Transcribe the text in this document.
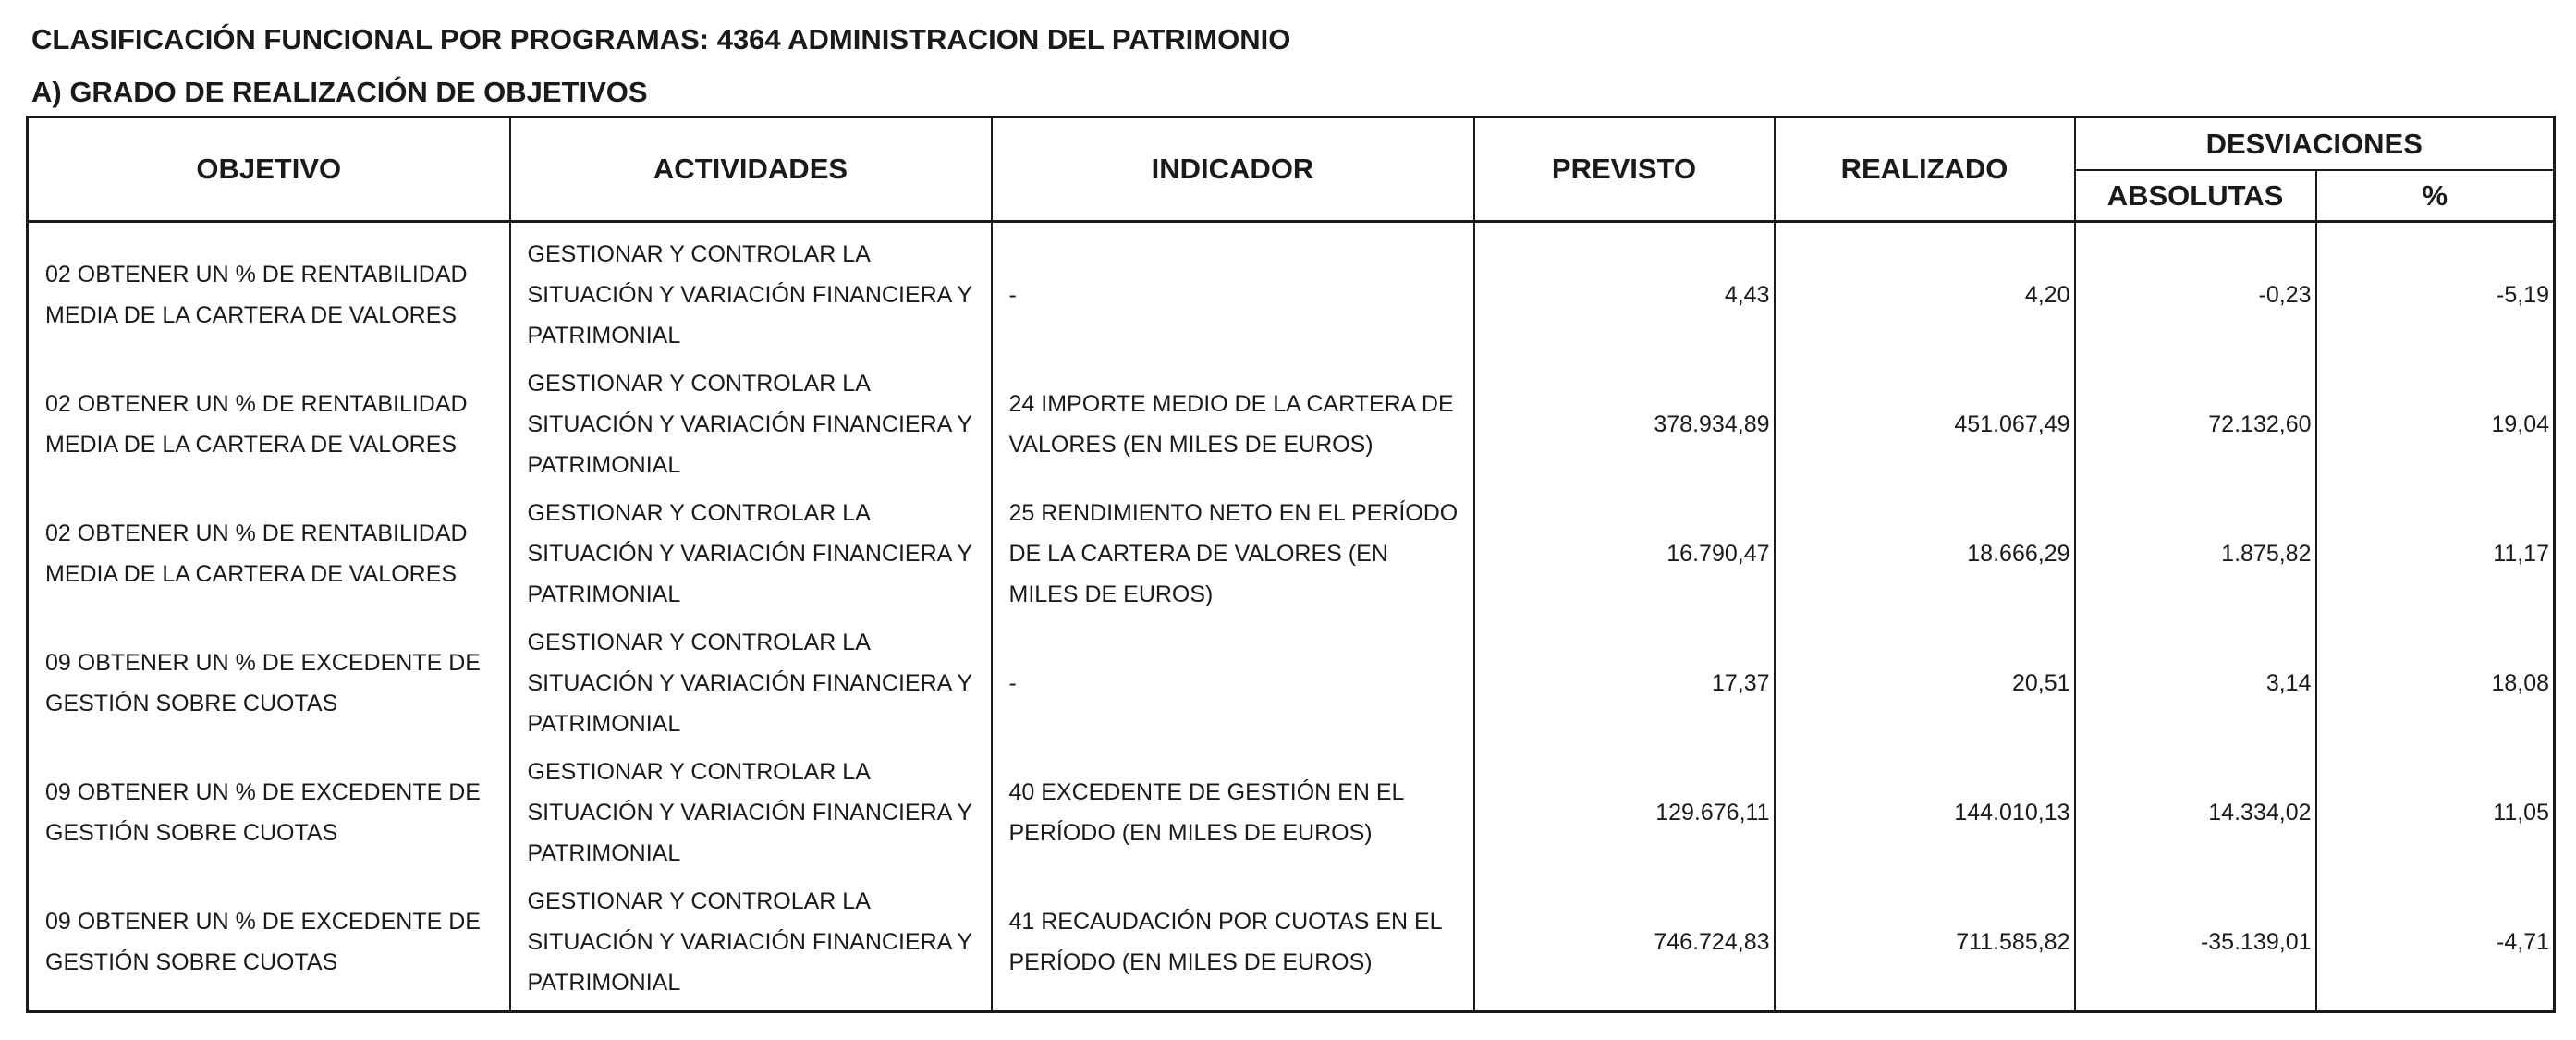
CLASIFICACIÓN FUNCIONAL POR PROGRAMAS: 4364 ADMINISTRACION DEL PATRIMONIO
A) GRADO DE REALIZACIÓN DE OBJETIVOS
OBJETIVO	ACTIVIDADES	INDICADOR	PREVISTO	REALIZADO	DESVIACIONES	
					ABSOLUTAS	%
02 OBTENER UN % DE RENTABILIDAD MEDIA DE LA CARTERA DE VALORES	GESTIONAR Y CONTROLAR LA SITUACIÓN Y VARIACIÓN FINANCIERA Y PATRIMONIAL	-	4,43	4,20	-0,23	-5,19
02 OBTENER UN % DE RENTABILIDAD MEDIA DE LA CARTERA DE VALORES	GESTIONAR Y CONTROLAR LA SITUACIÓN Y VARIACIÓN FINANCIERA Y PATRIMONIAL	24 IMPORTE MEDIO DE LA CARTERA DE VALORES (EN MILES DE EUROS)	378.934,89	451.067,49	72.132,60	19,04
02 OBTENER UN % DE RENTABILIDAD MEDIA DE LA CARTERA DE VALORES	GESTIONAR Y CONTROLAR LA SITUACIÓN Y VARIACIÓN FINANCIERA Y PATRIMONIAL	25 RENDIMIENTO NETO EN EL PERÍODO DE LA CARTERA DE VALORES (EN MILES DE EUROS)	16.790,47	18.666,29	1.875,82	11,17
09 OBTENER UN % DE EXCEDENTE DE GESTIÓN SOBRE CUOTAS	GESTIONAR Y CONTROLAR LA SITUACIÓN Y VARIACIÓN FINANCIERA Y PATRIMONIAL	-	17,37	20,51	3,14	18,08
09 OBTENER UN % DE EXCEDENTE DE GESTIÓN SOBRE CUOTAS	GESTIONAR Y CONTROLAR LA SITUACIÓN Y VARIACIÓN FINANCIERA Y PATRIMONIAL	40 EXCEDENTE DE GESTIÓN EN EL PERÍODO (EN MILES DE EUROS)	129.676,11	144.010,13	14.334,02	11,05
09 OBTENER UN % DE EXCEDENTE DE GESTIÓN SOBRE CUOTAS	GESTIONAR Y CONTROLAR LA SITUACIÓN Y VARIACIÓN FINANCIERA Y PATRIMONIAL	41 RECAUDACIÓN POR CUOTAS EN EL PERÍODO (EN MILES DE EUROS)	746.724,83	711.585,82	-35.139,01	-4,71
